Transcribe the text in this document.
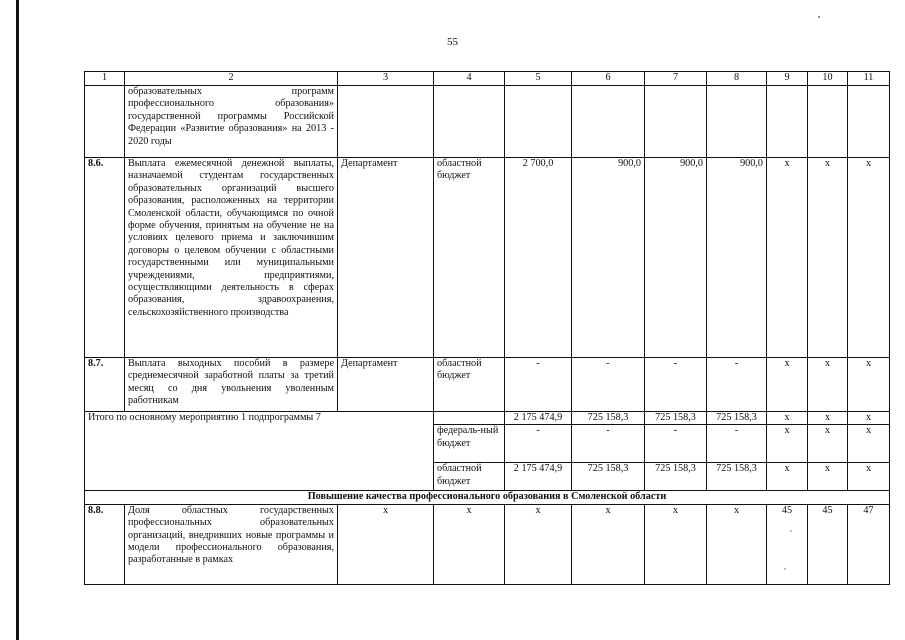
55
1	2	3	4	5	6	7	8	9	10	11
	образовательных программ профессионального образования» государственной программы Российской Федерации «Развитие образования» на 2013 - 2020 годы									
8.6.	Выплата ежемесячной денежной выплаты, назначаемой студентам государственных образовательных организаций высшего образования, расположенных на территории Смоленской области, обучающимся по очной форме обучения, принятым на обучение не на условиях целевого приема и заключившим договоры о целевом обучении с областными государственными или муниципальными учреждениями, предприятиями, осуществляющими деятельность в сферах образования, здравоохранения, сельскохозяйственного производства	Департамент	областной бюджет	2 700,0	900,0	900,0	900,0	х	х	х
8.7.	Выплата выходных пособий в размере среднемесячной заработной платы за третий месяц со дня увольнения уволенным работникам	Департамент	областной бюджет	-	-	-	-	х	х	х
Итого по основному мероприятию 1 подпрограммы 7				2 175 474,9	725 158,3	725 158,3	725 158,3	х	х	х
			федераль-ный бюджет	-	-	-	-	х	х	х
			областной бюджет	2 175 474,9	725 158,3	725 158,3	725 158,3	х	х	х
Повышение качества профессионального образования в Смоленской области										
8.8.	Доля областных государственных профессиональных образовательных организаций, внедривших новые программы и модели профессионального образования, разработанные в рамках	х	х	х	х	х	х	45	45	47
